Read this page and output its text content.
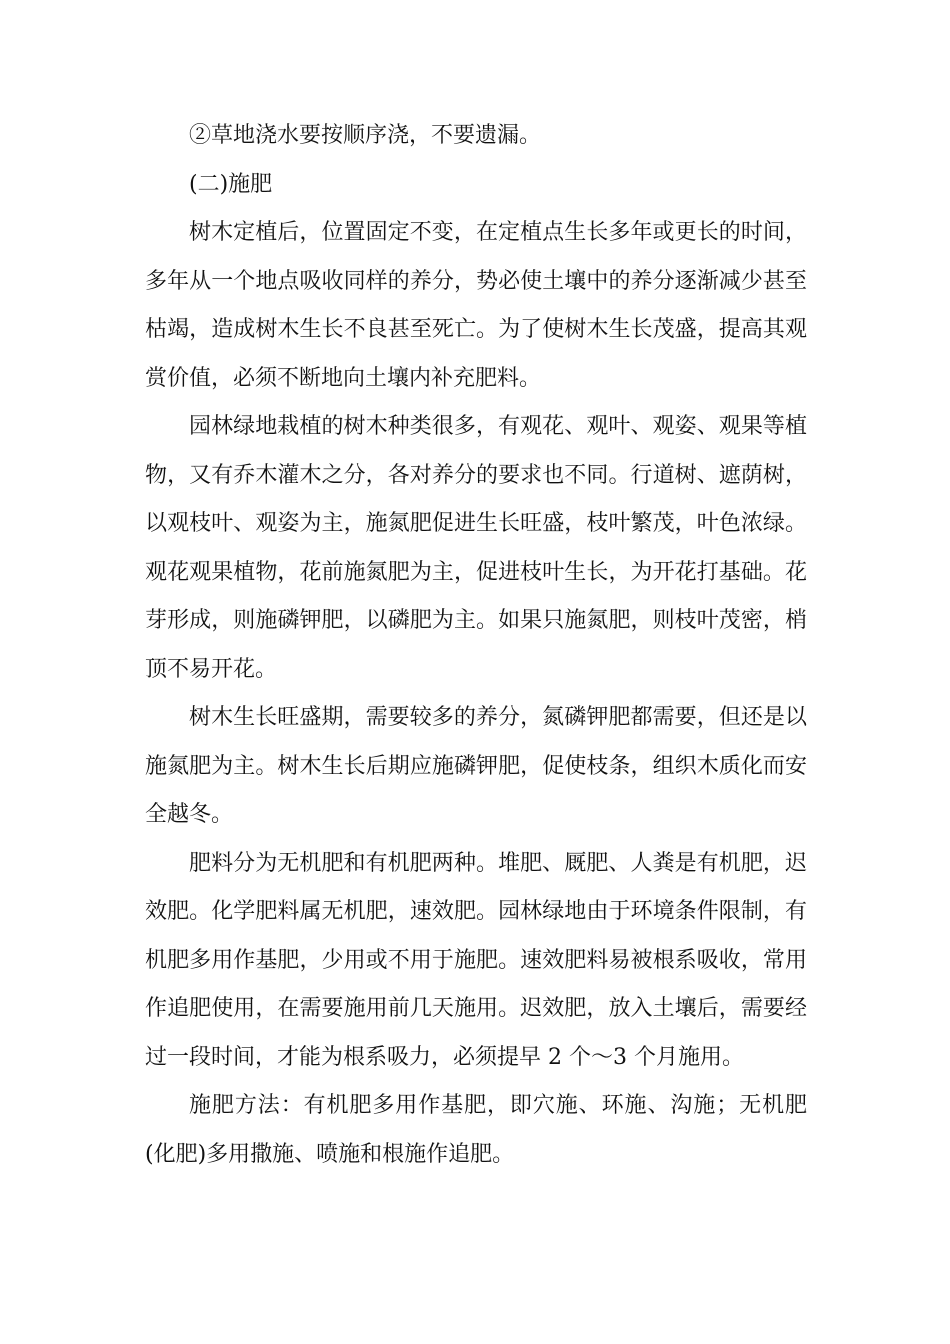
②草地浇水要按顺序浇，不要遗漏。

(二)施肥

树木定植后，位置固定不变，在定植点生长多年或更长的时间，多年从一个地点吸收同样的养分，势必使土壤中的养分逐渐减少甚至枯竭，造成树木生长不良甚至死亡。为了使树木生长茂盛，提高其观赏价值，必须不断地向土壤内补充肥料。

园林绿地栽植的树木种类很多，有观花、观叶、观姿、观果等植物，又有乔木灌木之分，各对养分的要求也不同。行道树、遮荫树，以观枝叶、观姿为主，施氮肥促进生长旺盛，枝叶繁茂，叶色浓绿。观花观果植物，花前施氮肥为主，促进枝叶生长，为开花打基础。花芽形成，则施磷钾肥，以磷肥为主。如果只施氮肥，则枝叶茂密，梢顶不易开花。

树木生长旺盛期，需要较多的养分，氮磷钾肥都需要，但还是以施氮肥为主。树木生长后期应施磷钾肥，促使枝条，组织木质化而安全越冬。

肥料分为无机肥和有机肥两种。堆肥、厩肥、人粪是有机肥，迟效肥。化学肥料属无机肥，速效肥。园林绿地由于环境条件限制，有机肥多用作基肥，少用或不用于施肥。速效肥料易被根系吸收，常用作追肥使用，在需要施用前几天施用。迟效肥，放入土壤后，需要经过一段时间，才能为根系吸力，必须提早 2 个～3 个月施用。

施肥方法：有机肥多用作基肥，即穴施、环施、沟施；无机肥(化肥)多用撒施、喷施和根施作追肥。
